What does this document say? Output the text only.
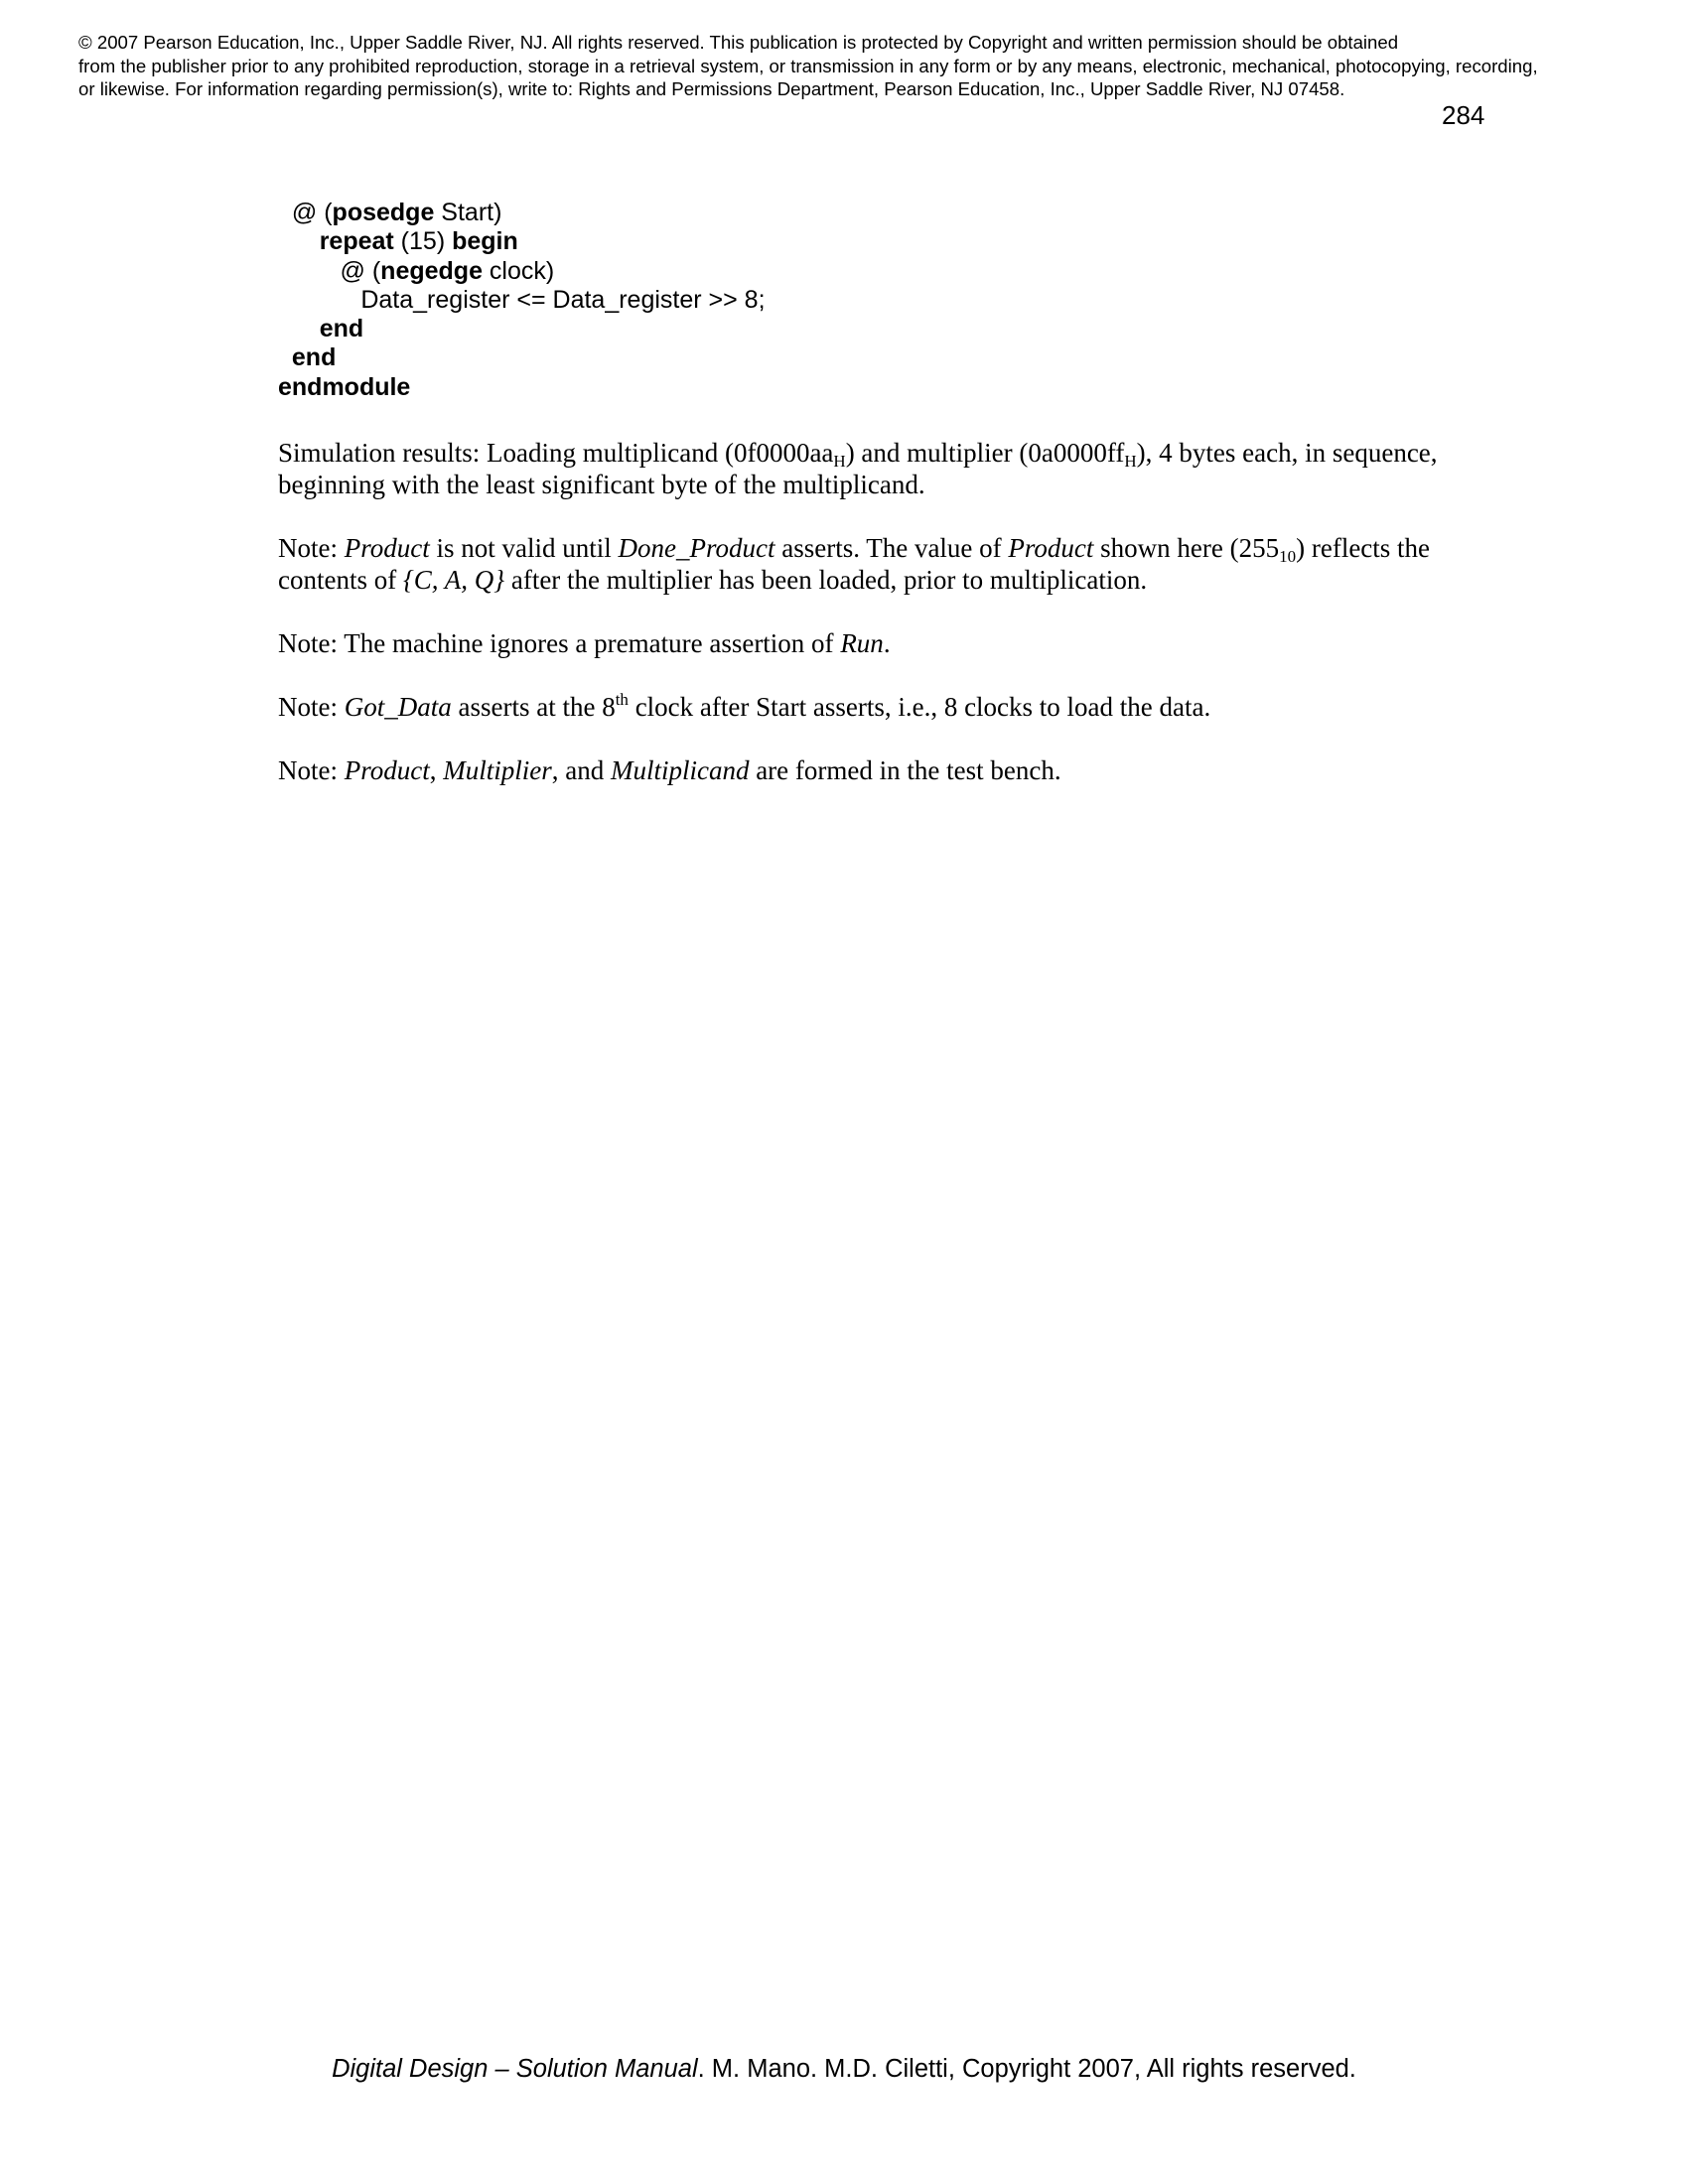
© 2007 Pearson Education, Inc., Upper Saddle River, NJ. All rights reserved. This publication is protected by Copyright and written permission should be obtained
from the publisher prior to any prohibited reproduction, storage in a retrieval system, or transmission in any form or by any means, electronic, mechanical, photocopying, recording,
or likewise. For information regarding permission(s), write to: Rights and Permissions Department, Pearson Education, Inc., Upper Saddle River, NJ 07458.
284
@ (posedge Start)
repeat (15) begin
@ (negedge clock)
Data_register <= Data_register >> 8;
end
end
endmodule

Simulation results: Loading multiplicand $(0f0000aa_H)$ and multiplier $(0a0000ff_H)$, 4 bytes each, in sequence, beginning with the least significant byte of the multiplicand.

Note: Product is not valid until Done_Product asserts. The value of Product shown here $(255_{10})$ reflects the contents of {C, A, Q} after the multiplier has been loaded, prior to multiplication.

Note: The machine ignores a premature assertion of Run.

Note: Got_Data asserts at the 8th clock after Start asserts, i.e., 8 clocks to load the data.

Note: Product, Multiplier, and Multiplicand are formed in the test bench.

Digital Design – Solution Manual. M. Mano. M.D. Ciletti, Copyright 2007, All rights reserved.
